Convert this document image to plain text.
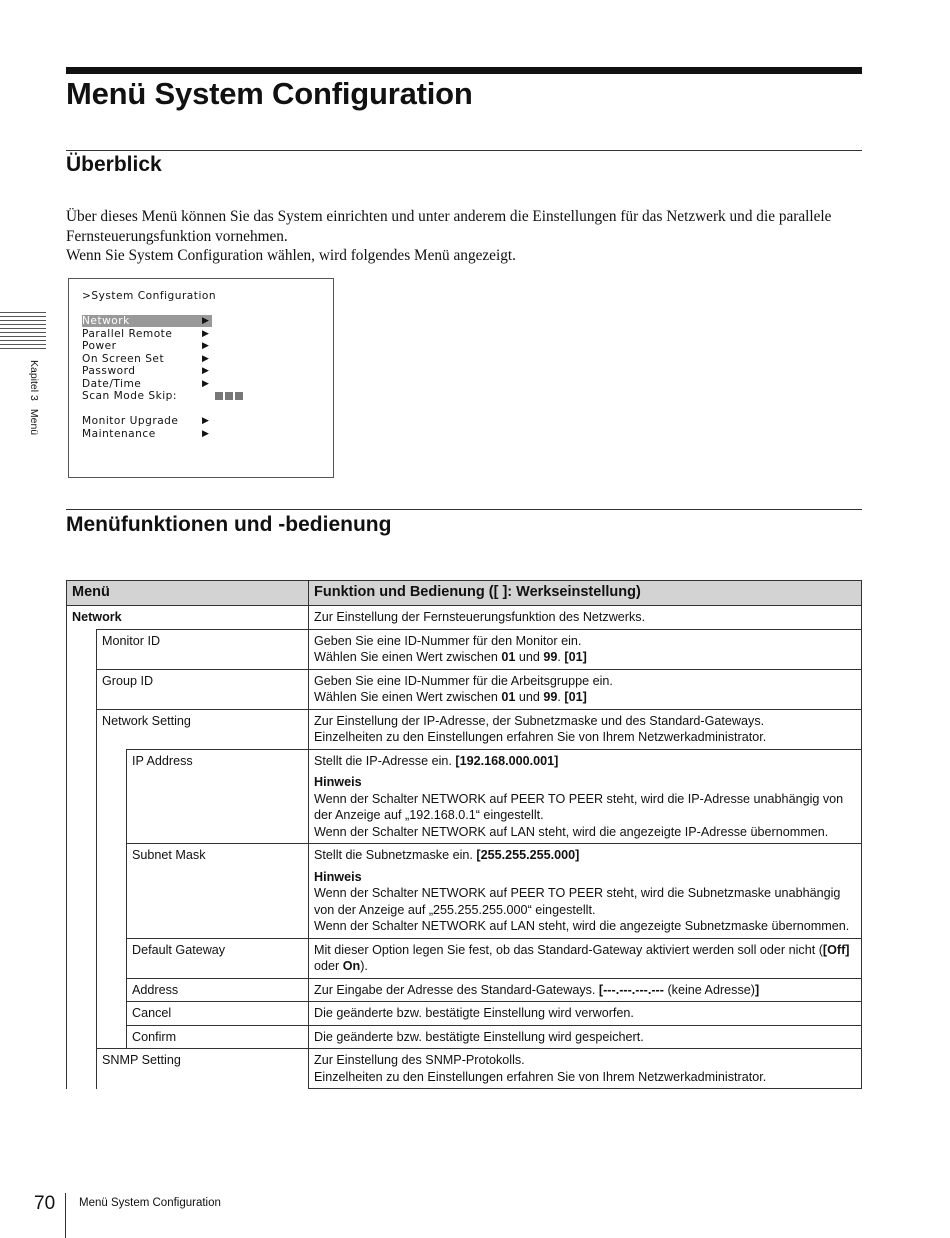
Menü System Configuration
Überblick

Über dieses Menü können Sie das System einrichten und unter anderem die Einstellungen für das Netzwerk und die parallele Fernsteuerungsfunktion vornehmen.

Wenn Sie System Configuration wählen, wird folgendes Menü angezeigt.

>System Configuration
Network
Parallel Remote
Power
On Screen Set
Password
Date/Time
Scan Mode Skip:
Monitor Upgrade
Maintenance
▶
▶
▶
▶
▶
▶
▶
▶
Kapitel 3Menü
Menüfunktionen und -bedienung
Menü			Funktion und Bedienung ([ ]: Werkseinstellung)
Network			Zur Einstellung der Fernsteuerungsfunktion des Netzwerks.
	Monitor ID		Geben Sie eine ID-Nummer für den Monitor ein.
Wählen Sie einen Wert zwischen 01 und 99. [01]
	Group ID		Geben Sie eine ID-Nummer für die Arbeitsgruppe ein.
Wählen Sie einen Wert zwischen 01 und 99. [01]
	Network Setting		Zur Einstellung der IP-Adresse, der Subnetzmaske und des Standard-Gateways.
Einzelheiten zu den Einstellungen erfahren Sie von Ihrem Netzwerkadministrator.
		IP Address	Stellt die IP-Adresse ein. [192.168.000.001]
Hinweis
Wenn der Schalter NETWORK auf PEER TO PEER steht, wird die IP-Adresse unabhängig von der Anzeige auf „192.168.0.1“ eingestellt.
Wenn der Schalter NETWORK auf LAN steht, wird die angezeigte IP-Adresse übernommen.
		Subnet Mask	Stellt die Subnetzmaske ein. [255.255.255.000]
Hinweis
Wenn der Schalter NETWORK auf PEER TO PEER steht, wird die Subnetzmaske unabhängig von der Anzeige auf „255.255.255.000“ eingestellt.
Wenn der Schalter NETWORK auf LAN steht, wird die angezeigte Subnetzmaske übernommen.
		Default Gateway	Mit dieser Option legen Sie fest, ob das Standard-Gateway aktiviert werden soll oder nicht ([Off] oder On).
		Address	Zur Eingabe der Adresse des Standard-Gateways. [---.---.---.--- (keine Adresse)]
		Cancel	Die geänderte bzw. bestätigte Einstellung wird verworfen.
		Confirm	Die geänderte bzw. bestätigte Einstellung wird gespeichert.
	SNMP Setting		Zur Einstellung des SNMP-Protokolls.
Einzelheiten zu den Einstellungen erfahren Sie von Ihrem Netzwerkadministrator.
70 Menü System Configuration
